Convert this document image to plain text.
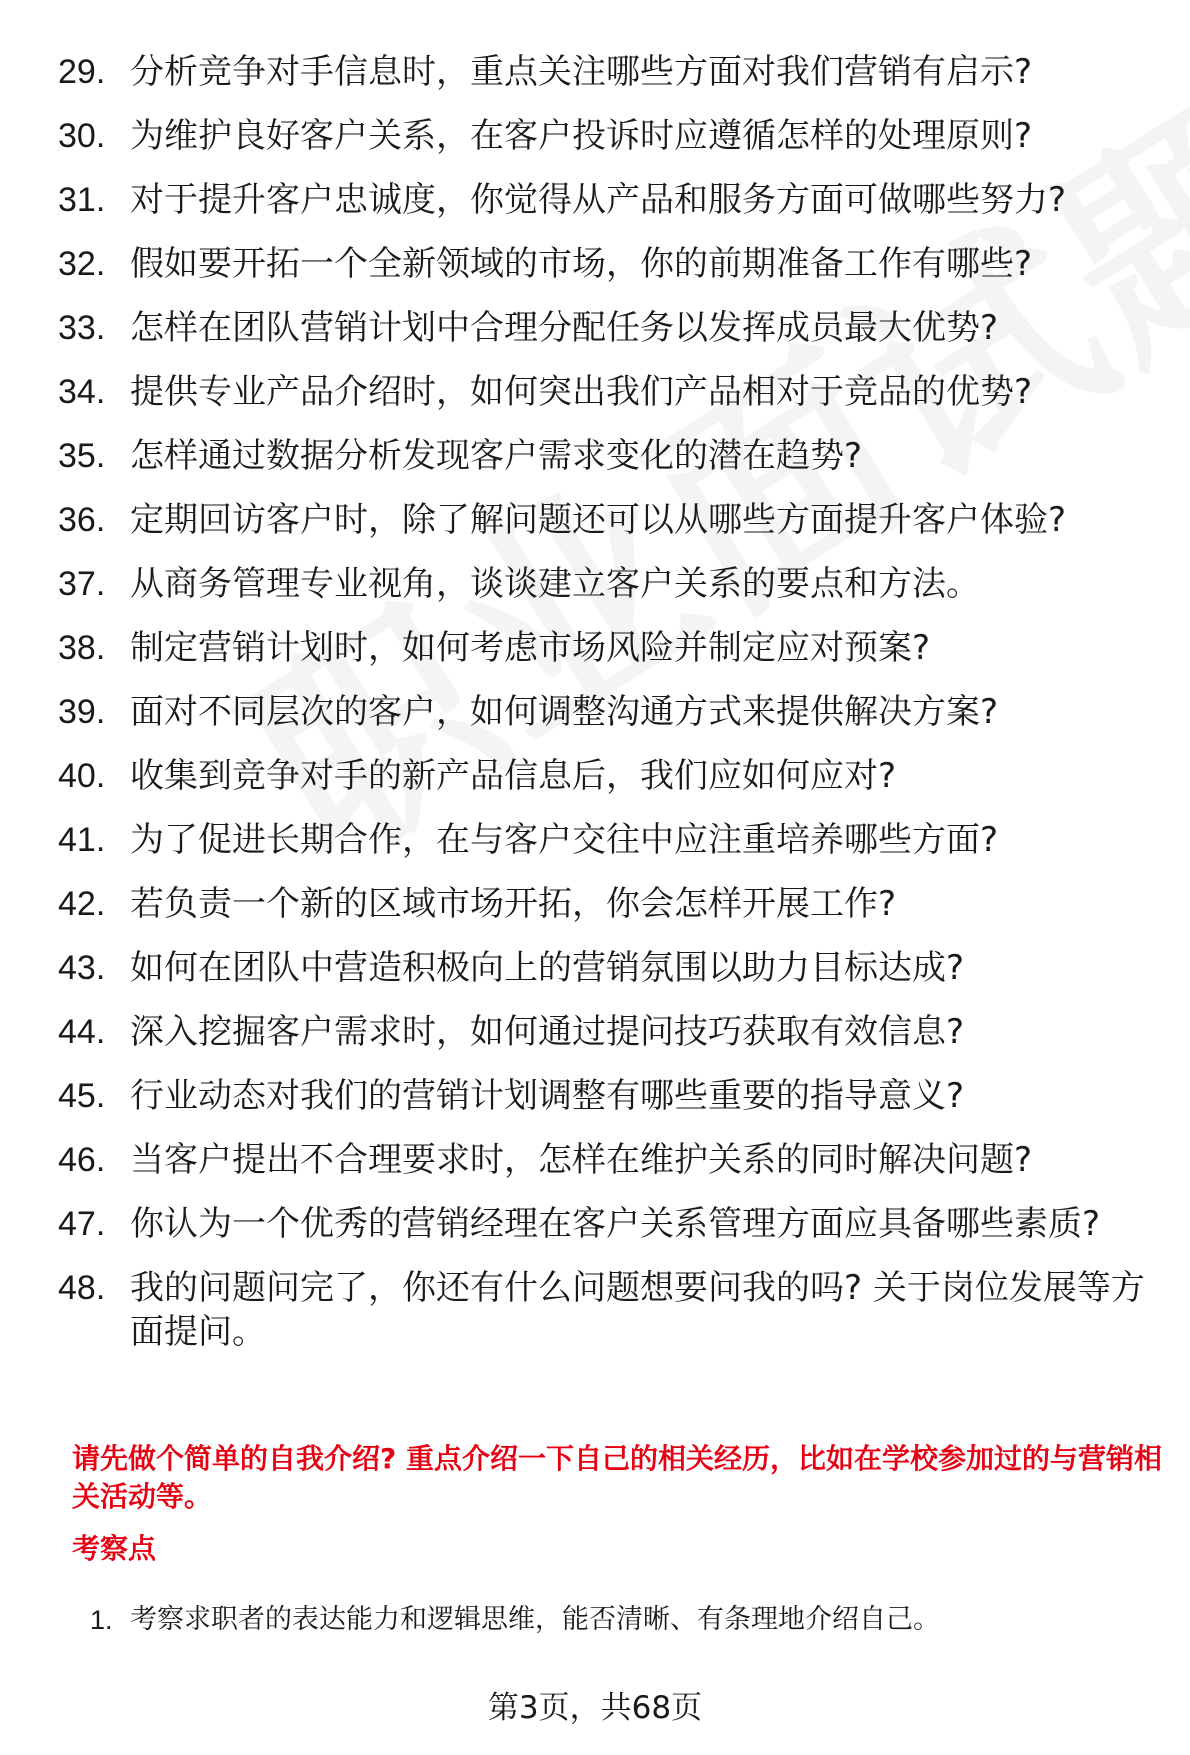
29. 分析竞争对手信息时，重点关注哪些方面对我们营销有启示?
30. 为维护良好客户关系，在客户投诉时应遵循怎样的处理原则?
31. 对于提升客户忠诚度，你觉得从产品和服务方面可做哪些努力?
32. 假如要开拓一个全新领域的市场，你的前期准备工作有哪些?
33. 怎样在团队营销计划中合理分配任务以发挥成员最大优势?
34. 提供专业产品介绍时，如何突出我们产品相对于竞品的优势?
35. 怎样通过数据分析发现客户需求变化的潜在趋势?
36. 定期回访客户时，除了解问题还可以从哪些方面提升客户体验?
37. 从商务管理专业视角，谈谈建立客户关系的要点和方法。
38. 制定营销计划时，如何考虑市场风险并制定应对预案?
39. 面对不同层次的客户，如何调整沟通方式来提供解决方案?
40. 收集到竞争对手的新产品信息后，我们应如何应对?
41. 为了促进长期合作，在与客户交往中应注重培养哪些方面?
42. 若负责一个新的区域市场开拓，你会怎样开展工作?
43. 如何在团队中营造积极向上的营销氛围以助力目标达成?
44. 深入挖掘客户需求时，如何通过提问技巧获取有效信息?
45. 行业动态对我们的营销计划调整有哪些重要的指导意义?
46. 当客户提出不合理要求时，怎样在维护关系的同时解决问题?
47. 你认为一个优秀的营销经理在客户关系管理方面应具备哪些素质?
48. 我的问题问完了，你还有什么问题想要问我的吗? 关于岗位发展等方面提问。
请先做个简单的自我介绍? 重点介绍一下自己的相关经历，比如在学校参加过的与营销相关活动等。
考察点
1. 考察求职者的表达能力和逻辑思维，能否清晰、有条理地介绍自己。
第3页，共68页
